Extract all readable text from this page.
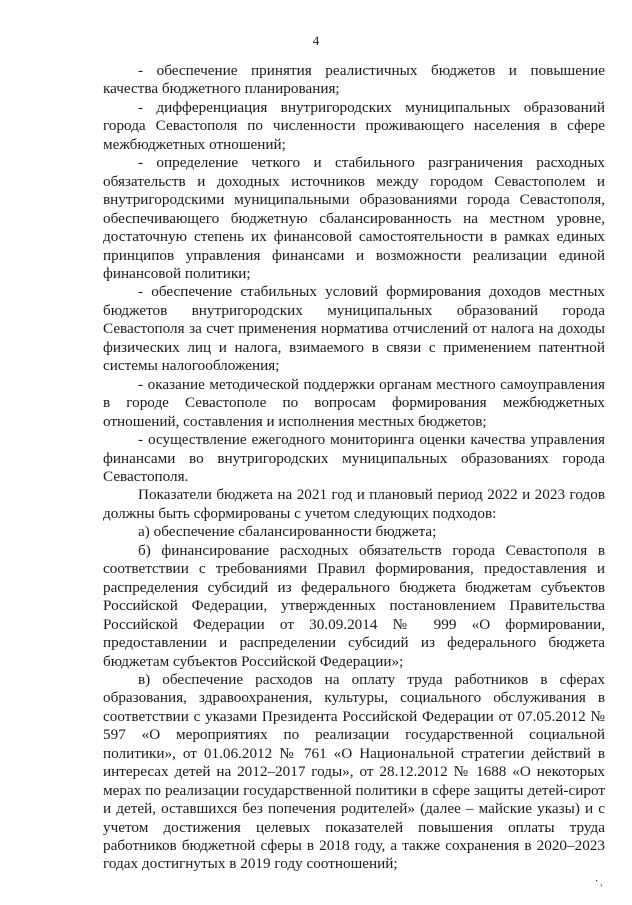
4

- обеспечение принятия реалистичных бюджетов и повышение качества бюджетного планирования;

- дифференциация внутригородских муниципальных образований города Севастополя по численности проживающего населения в сфере межбюджетных отношений;

- определение четкого и стабильного разграничения расходных обязательств и доходных источников между городом Севастополем и внутригородскими муниципальными образованиями города Севастополя, обеспечивающего бюджетную сбалансированность на местном уровне, достаточную степень их финансовой самостоятельности в рамках единых принципов управления финансами и возможности реализации единой финансовой политики;

- обеспечение стабильных условий формирования доходов местных бюджетов внутригородских муниципальных образований города Севастополя за счет применения норматива отчислений от налога на доходы физических лиц и налога, взимаемого в связи с применением патентной системы налогообложения;

- оказание методической поддержки органам местного самоуправления в городе Севастополе по вопросам формирования межбюджетных отношений, составления и исполнения местных бюджетов;

- осуществление ежегодного мониторинга оценки качества управления финансами во внутригородских муниципальных образованиях города Севастополя.

Показатели бюджета на 2021 год и плановый период 2022 и 2023 годов должны быть сформированы с учетом следующих подходов:

а) обеспечение сбалансированности бюджета;

б) финансирование расходных обязательств города Севастополя в соответствии с требованиями Правил формирования, предоставления и распределения субсидий из федерального бюджета бюджетам субъектов Российской Федерации, утвержденных постановлением Правительства Российской Федерации от 30.09.2014 № 999 «О формировании, предоставлении и распределении субсидий из федерального бюджета бюджетам субъектов Российской Федерации»;

в) обеспечение расходов на оплату труда работников в сферах образования, здравоохранения, культуры, социального обслуживания в соответствии с указами Президента Российской Федерации от 07.05.2012 № 597 «О мероприятиях по реализации государственной социальной политики», от 01.06.2012 № 761 «О Национальной стратегии действий в интересах детей на 2012–2017 годы», от 28.12.2012 № 1688 «О некоторых мерах по реализации государственной политики в сфере защиты детей-сирот и детей, оставшихся без попечения родителей» (далее – майские указы) и с учетом достижения целевых показателей повышения оплаты труда работников бюджетной сферы в 2018 году, а также сохранения в 2020–2023 годах достигнутых в 2019 году соотношений;

. ˎ
